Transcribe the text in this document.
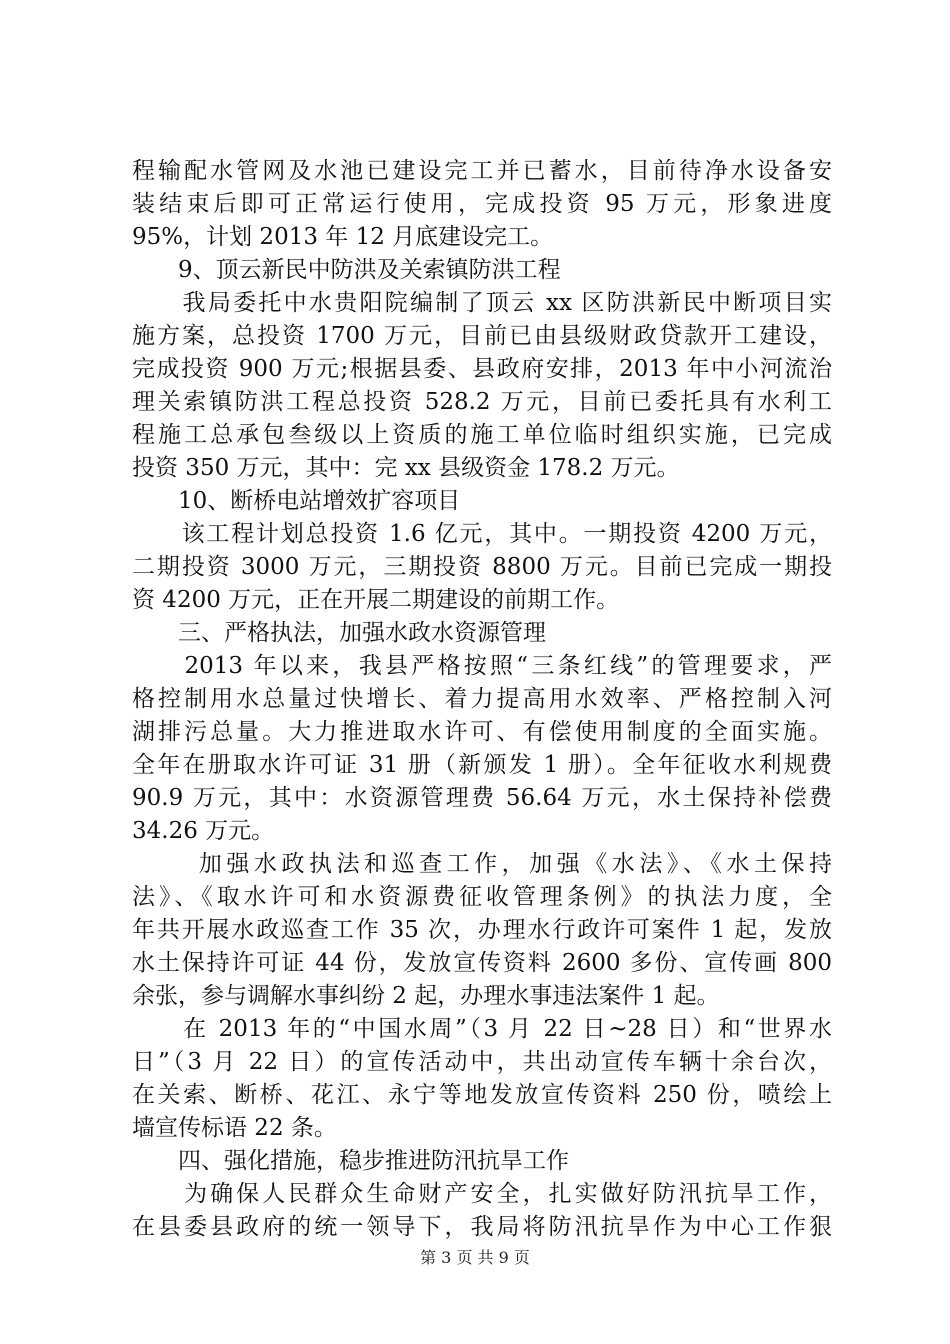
程输配水管网及水池已建设完工并已蓄水，目前待净水设备安
装结束后即可正常运行使用，完成投资 95 万元，形象进度
95%，计划 2013 年 12 月底建设完工。
　　9、顶云新民中防洪及关索镇防洪工程
　　我局委托中水贵阳院编制了顶云 xx 区防洪新民中断项目实
施方案，总投资 1700 万元，目前已由县级财政贷款开工建设，
完成投资 900 万元;根据县委、县政府安排，2013 年中小河流治
理关索镇防洪工程总投资 528.2 万元，目前已委托具有水利工
程施工总承包叁级以上资质的施工单位临时组织实施，已完成
投资 350 万元，其中：完 xx 县级资金 178.2 万元。
　　10、断桥电站增效扩容项目
　　该工程计划总投资 1.6 亿元，其中。一期投资 4200 万元，
二期投资 3000 万元，三期投资 8800 万元。目前已完成一期投
资 4200 万元，正在开展二期建设的前期工作。
　　三、严格执法，加强水政水资源管理
　　2013 年以来，我县严格按照“三条红线”的管理要求，严
格控制用水总量过快增长、着力提高用水效率、严格控制入河
湖排污总量。大力推进取水许可、有偿使用制度的全面实施。
全年在册取水许可证 31 册（新颁发 1 册）。全年征收水利规费
90.9 万元，其中：水资源管理费 56.64 万元，水土保持补偿费
34.26 万元。
　　 加强水政执法和巡查工作，加强《水法》、《水土保持
法》、《取水许可和水资源费征收管理条例》的执法力度，全
年共开展水政巡查工作 35 次，办理水行政许可案件 1 起，发放
水土保持许可证 44 份，发放宣传资料 2600 多份、宣传画 800
余张，参与调解水事纠纷 2 起，办理水事违法案件 1 起。
　　在 2013 年的“中国水周”（3 月 22 日~28 日）和“世界水
日”（3 月 22 日）的宣传活动中，共出动宣传车辆十余台次，
在关索、断桥、花江、永宁等地发放宣传资料 250 份，喷绘上
墙宣传标语 22 条。
　　四、强化措施，稳步推进防汛抗旱工作
　　为确保人民群众生命财产安全，扎实做好防汛抗旱工作，
在县委县政府的统一领导下，我局将防汛抗旱作为中心工作狠
第 3 页 共 9 页
